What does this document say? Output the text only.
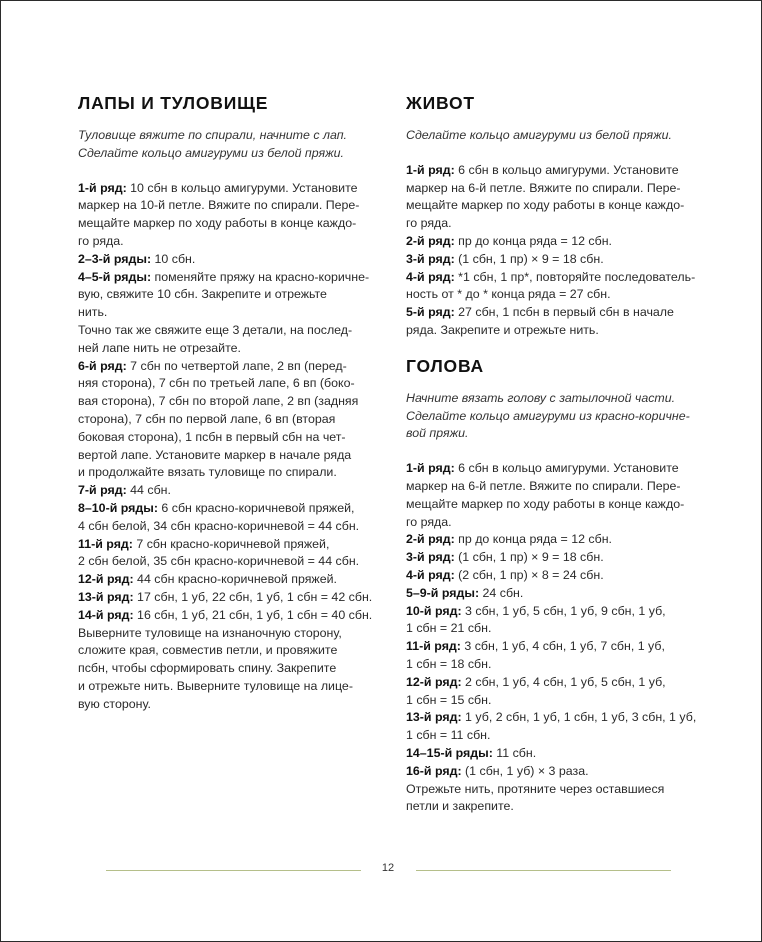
ЛАПЫ И ТУЛОВИЩЕ
Туловище вяжите по спирали, начните с лап.
Сделайте кольцо амигуруми из белой пряжи.

1-й ряд: 10 сбн в кольцо амигуруми. Установите
маркер на 10-й петле. Вяжите по спирали. Пере-
мещайте маркер по ходу работы в конце каждо-
го ряда.

2–3-й ряды: 10 сбн.

4–5-й ряды: поменяйте пряжу на красно-коричне-
вую, свяжите 10 сбн. Закрепите и отрежьте
нить.

Точно так же свяжите еще 3 детали, на послед-
ней лапе нить не отрезайте.

6-й ряд: 7 сбн по четвертой лапе, 2 вп (перед-
няя сторона), 7 сбн по третьей лапе, 6 вп (боко-
вая сторона), 7 сбн по второй лапе, 2 вп (задняя
сторона), 7 сбн по первой лапе, 6 вп (вторая
боковая сторона), 1 псбн в первый сбн на чет-
вертой лапе. Установите маркер в начале ряда
и продолжайте вязать туловище по спирали.

7-й ряд: 44 сбн.

8–10-й ряды: 6 сбн красно-коричневой пряжей,
4 сбн белой, 34 сбн красно-коричневой = 44 сбн.

11-й ряд: 7 сбн красно-коричневой пряжей,
2 сбн белой, 35 сбн красно-коричневой = 44 сбн.

12-й ряд: 44 сбн красно-коричневой пряжей.

13-й ряд: 17 сбн, 1 уб, 22 сбн, 1 уб, 1 сбн = 42 сбн.

14-й ряд: 16 сбн, 1 уб, 21 сбн, 1 уб, 1 сбн = 40 сбн.

Выверните туловище на изнаночную сторону,
сложите края, совместив петли, и провяжите
псбн, чтобы сформировать спину. Закрепите
и отрежьте нить. Выверните туловище на лице-
вую сторону.

ЖИВОТ
Сделайте кольцо амигуруми из белой пряжи.

1-й ряд: 6 сбн в кольцо амигуруми. Установите
маркер на 6-й петле. Вяжите по спирали. Пере-
мещайте маркер по ходу работы в конце каждо-
го ряда.

2-й ряд: пр до конца ряда = 12 сбн.

3-й ряд: (1 сбн, 1 пр) × 9 = 18 сбн.

4-й ряд: *1 сбн, 1 пр*, повторяйте последователь-
ность от * до * конца ряда = 27 сбн.

5-й ряд: 27 сбн, 1 псбн в первый сбн в начале
ряда. Закрепите и отрежьте нить.

ГОЛОВА
Начните вязать голову с затылочной части.
Сделайте кольцо амигуруми из красно-коричне-
вой пряжи.

1-й ряд: 6 сбн в кольцо амигуруми. Установите
маркер на 6-й петле. Вяжите по спирали. Пере-
мещайте маркер по ходу работы в конце каждо-
го ряда.

2-й ряд: пр до конца ряда = 12 сбн.

3-й ряд: (1 сбн, 1 пр) × 9 = 18 сбн.

4-й ряд: (2 сбн, 1 пр) × 8 = 24 сбн.

5–9-й ряды: 24 сбн.

10-й ряд: 3 сбн, 1 уб, 5 сбн, 1 уб, 9 сбн, 1 уб,
1 сбн = 21 сбн.

11-й ряд: 3 сбн, 1 уб, 4 сбн, 1 уб, 7 сбн, 1 уб,
1 сбн = 18 сбн.

12-й ряд: 2 сбн, 1 уб, 4 сбн, 1 уб, 5 сбн, 1 уб,
1 сбн = 15 сбн.

13-й ряд: 1 уб, 2 сбн, 1 уб, 1 сбн, 1 уб, 3 сбн, 1 уб,
1 сбн = 11 сбн.

14–15-й ряды: 11 сбн.

16-й ряд: (1 сбн, 1 уб) × 3 раза.

Отрежьте нить, протяните через оставшиеся
петли и закрепите.

12
